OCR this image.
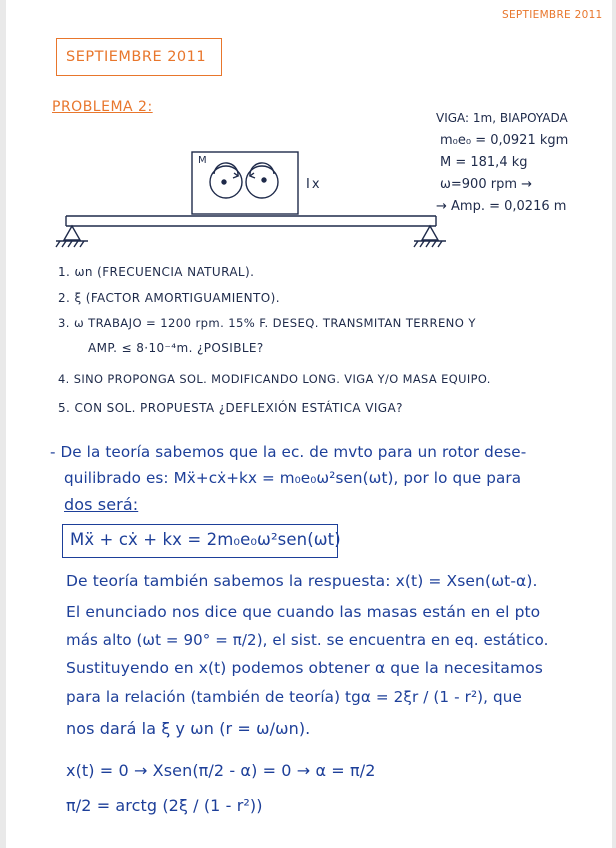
SEPTIEMBRE 2011
SEPTIEMBRE 2011
PROBLEMA 2:
VIGA: 1m, BIAPOYADA
m₀e₀ = 0,0921 kgm
M = 181,4 kg
ω=900 rpm →
→ Amp. = 0,0216 m
M
Ix
1. ωn (FRECUENCIA NATURAL).
2. ξ (FACTOR AMORTIGUAMIENTO).
3. ω TRABAJO = 1200 rpm. 15% F. DESEQ. TRANSMITAN TERRENO Y
AMP. ≤ 8·10⁻⁴m. ¿POSIBLE?
4. SINO PROPONGA SOL. MODIFICANDO LONG. VIGA Y/O MASA EQUIPO.
5. CON SOL. PROPUESTA ¿DEFLEXIÓN ESTÁTICA VIGA?
- De la teoría sabemos que la ec. de mvto para un rotor dese-
quilibrado es: Mẍ+cẋ+kx = m₀e₀ω²sen(ωt), por lo que para
dos será:
Mẍ + cẋ + kx = 2m₀e₀ω²sen(ωt)
De teoría también sabemos la respuesta: x(t) = Xsen(ωt-α).
El enunciado nos dice que cuando las masas están en el pto
más alto (ωt = 90° = π/2), el sist. se encuentra en eq. estático.
Sustituyendo en x(t) podemos obtener α que la necesitamos
para la relación (también de teoría) tgα = 2ξr / (1 - r²), que
nos dará la ξ y ωn (r = ω/ωn).
x(t) = 0 → Xsen(π/2 - α) = 0 → α = π/2
π/2 = arctg (2ξ / (1 - r²))
